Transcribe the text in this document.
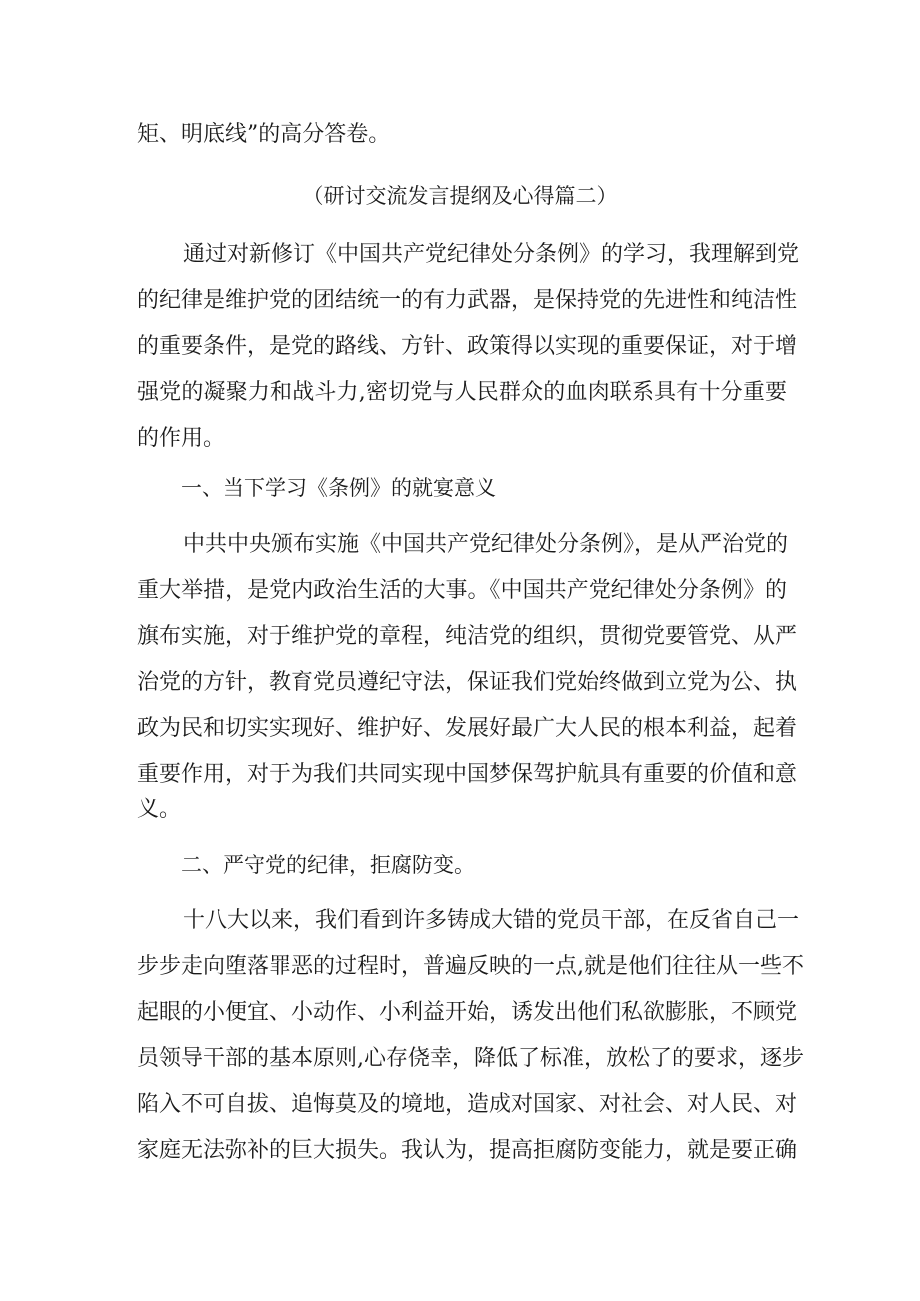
矩、明底线”的高分答卷。
（研讨交流发言提纲及心得篇二）
通过对新修订《中国共产党纪律处分条例》的学习，我理解到党
的纪律是维护党的团结统一的有力武器，是保持党的先进性和纯洁性
的重要条件，是党的路线、方针、政策得以实现的重要保证，对于增
强党的凝聚力和战斗力,密切党与人民群众的血肉联系具有十分重要
的作用。
一、当下学习《条例》的就宴意义
中共中央颁布实施《中国共产党纪律处分条例》，是从严治党的
重大举措，是党内政治生活的大事。《中国共产党纪律处分条例》的
旗布实施，对于维护党的章程，纯洁党的组织，贯彻党要管党、从严
治党的方针，教育党员遵纪守法，保证我们党始终做到立党为公、执
政为民和切实实现好、维护好、发展好最广大人民的根本利益，起着
重要作用，对于为我们共同实现中国梦保驾护航具有重要的价值和意
义。
二、严守党的纪律，拒腐防变。
十八大以来，我们看到许多铸成大错的党员干部，在反省自己一
步步走向堕落罪恶的过程时，普遍反映的一点,就是他们往往从一些不
起眼的小便宜、小动作、小利益开始，诱发出他们私欲膨胀，不顾党
员领导干部的基本原则,心存侥幸，降低了标准，放松了的要求，逐步
陷入不可自拔、追悔莫及的境地，造成对国家、对社会、对人民、对
家庭无法弥补的巨大损失。我认为，提高拒腐防变能力，就是要正确
